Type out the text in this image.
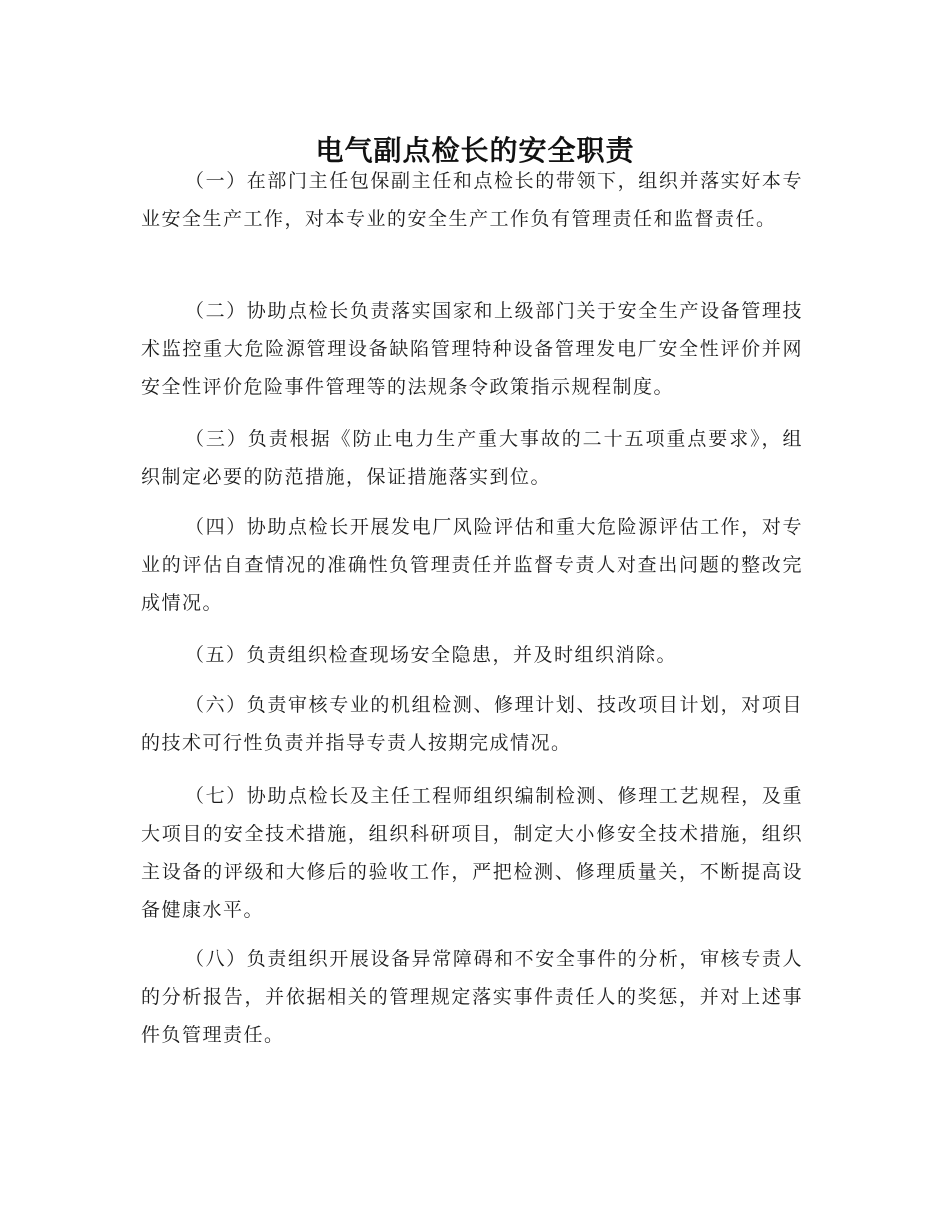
电气副点检长的安全职责

（一）在部门主任包保副主任和点检长的带领下，组织并落实好本专业安全生产工作，对本专业的安全生产工作负有管理责任和监督责任。

（二）协助点检长负责落实国家和上级部门关于安全生产设备管理技术监控重大危险源管理设备缺陷管理特种设备管理发电厂安全性评价并网安全性评价危险事件管理等的法规条令政策指示规程制度。

（三）负责根据《防止电力生产重大事故的二十五项重点要求》，组织制定必要的防范措施，保证措施落实到位。

（四）协助点检长开展发电厂风险评估和重大危险源评估工作，对专业的评估自查情况的准确性负管理责任并监督专责人对查出问题的整改完成情况。

（五）负责组织检查现场安全隐患，并及时组织消除。

（六）负责审核专业的机组检测、修理计划、技改项目计划，对项目的技术可行性负责并指导专责人按期完成情况。

（七）协助点检长及主任工程师组织编制检测、修理工艺规程，及重大项目的安全技术措施，组织科研项目，制定大小修安全技术措施，组织主设备的评级和大修后的验收工作，严把检测、修理质量关，不断提高设备健康水平。

（八）负责组织开展设备异常障碍和不安全事件的分析，审核专责人的分析报告，并依据相关的管理规定落实事件责任人的奖惩，并对上述事件负管理责任。
